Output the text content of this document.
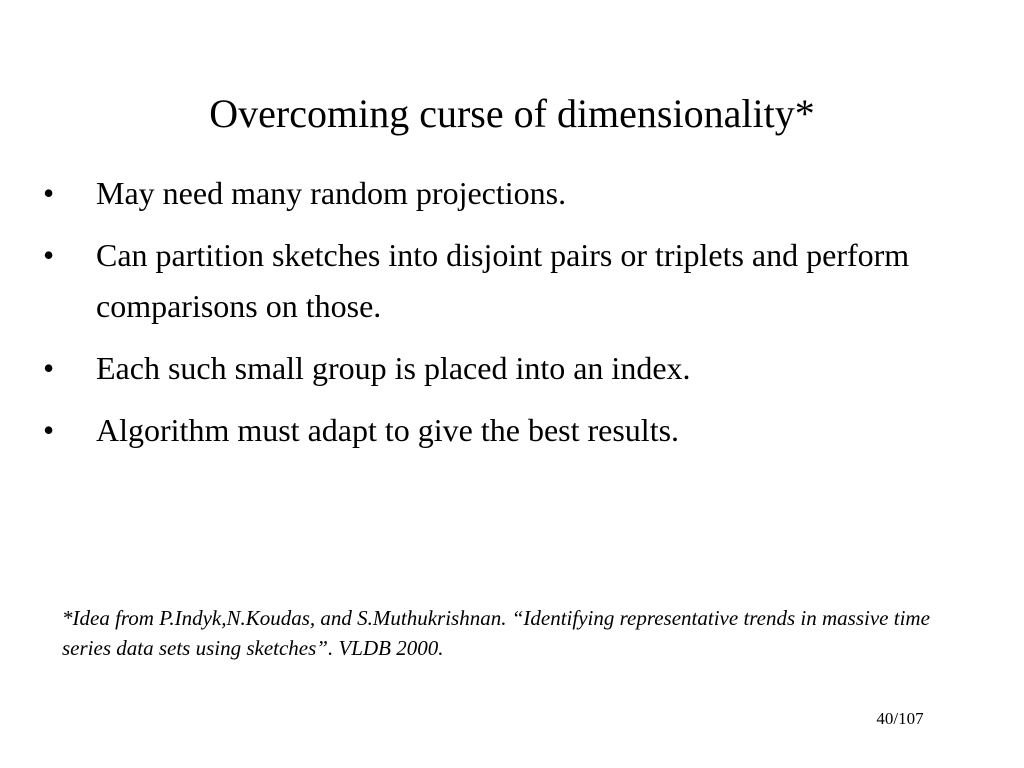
Overcoming curse of dimensionality*
• May need many random projections.
• Can partition sketches into disjoint pairs or triplets and perform comparisons on those.
• Each such small group is placed into an index.
• Algorithm must adapt to give the best results.

*Idea from P.Indyk,N.Koudas, and S.Muthukrishnan. “Identifying representative trends in massive time series data sets using sketches”. VLDB 2000.

40/107
